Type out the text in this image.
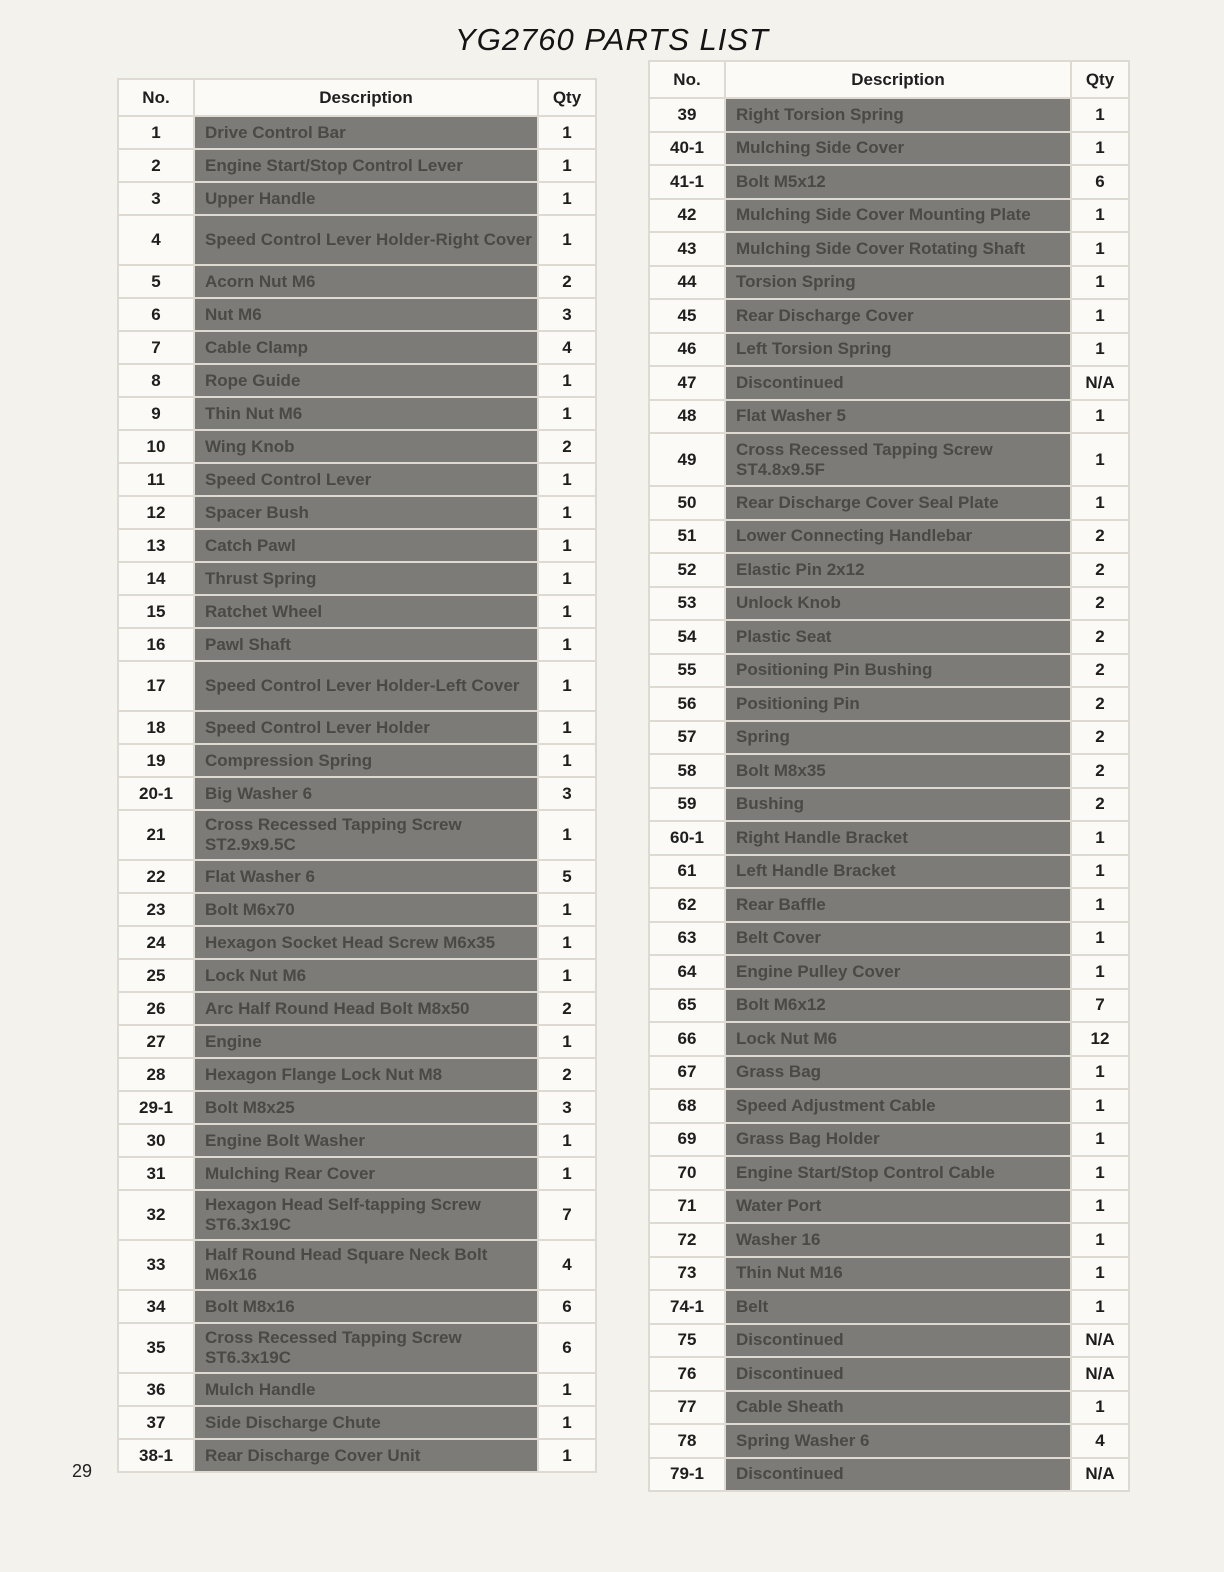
YG2760 PARTS LIST
No.	Description	Qty
1	Drive Control Bar	1
2	Engine Start/Stop Control Lever	1
3	Upper Handle	1
4	Speed Control Lever Holder-Right Cover	1
5	Acorn Nut M6	2
6	Nut M6	3
7	Cable Clamp	4
8	Rope Guide	1
9	Thin Nut M6	1
10	Wing Knob	2
11	Speed Control Lever	1
12	Spacer Bush	1
13	Catch Pawl	1
14	Thrust Spring	1
15	Ratchet Wheel	1
16	Pawl Shaft	1
17	Speed Control Lever Holder-Left Cover	1
18	Speed Control Lever Holder	1
19	Compression Spring	1
20-1	Big Washer 6	3
21	Cross Recessed Tapping Screw ST2.9x9.5C	1
22	Flat Washer 6	5
23	Bolt M6x70	1
24	Hexagon Socket Head Screw M6x35	1
25	Lock Nut M6	1
26	Arc Half Round Head Bolt M8x50	2
27	Engine	1
28	Hexagon Flange Lock Nut M8	2
29-1	Bolt M8x25	3
30	Engine Bolt Washer	1
31	Mulching Rear Cover	1
32	Hexagon Head Self-tapping Screw ST6.3x19C	7
33	Half Round Head Square Neck Bolt M6x16	4
34	Bolt M8x16	6
35	Cross Recessed Tapping Screw ST6.3x19C	6
36	Mulch Handle	1
37	Side Discharge Chute	1
38-1	Rear Discharge Cover Unit	1
No.	Description	Qty
39	Right Torsion Spring	1
40-1	Mulching Side Cover	1
41-1	Bolt M5x12	6
42	Mulching Side Cover Mounting Plate	1
43	Mulching Side Cover Rotating Shaft	1
44	Torsion Spring	1
45	Rear Discharge Cover	1
46	Left Torsion Spring	1
47	Discontinued	N/A
48	Flat Washer 5	1
49	Cross Recessed Tapping Screw ST4.8x9.5F	1
50	Rear Discharge Cover Seal Plate	1
51	Lower Connecting Handlebar	2
52	Elastic Pin 2x12	2
53	Unlock Knob	2
54	Plastic Seat	2
55	Positioning Pin Bushing	2
56	Positioning Pin	2
57	Spring	2
58	Bolt M8x35	2
59	Bushing	2
60-1	Right Handle Bracket	1
61	Left Handle Bracket	1
62	Rear Baffle	1
63	Belt Cover	1
64	Engine Pulley Cover	1
65	Bolt M6x12	7
66	Lock Nut M6	12
67	Grass Bag	1
68	Speed Adjustment Cable	1
69	Grass Bag Holder	1
70	Engine Start/Stop Control Cable	1
71	Water Port	1
72	Washer 16	1
73	Thin Nut M16	1
74-1	Belt	1
75	Discontinued	N/A
76	Discontinued	N/A
77	Cable Sheath	1
78	Spring Washer 6	4
79-1	Discontinued	N/A
29
